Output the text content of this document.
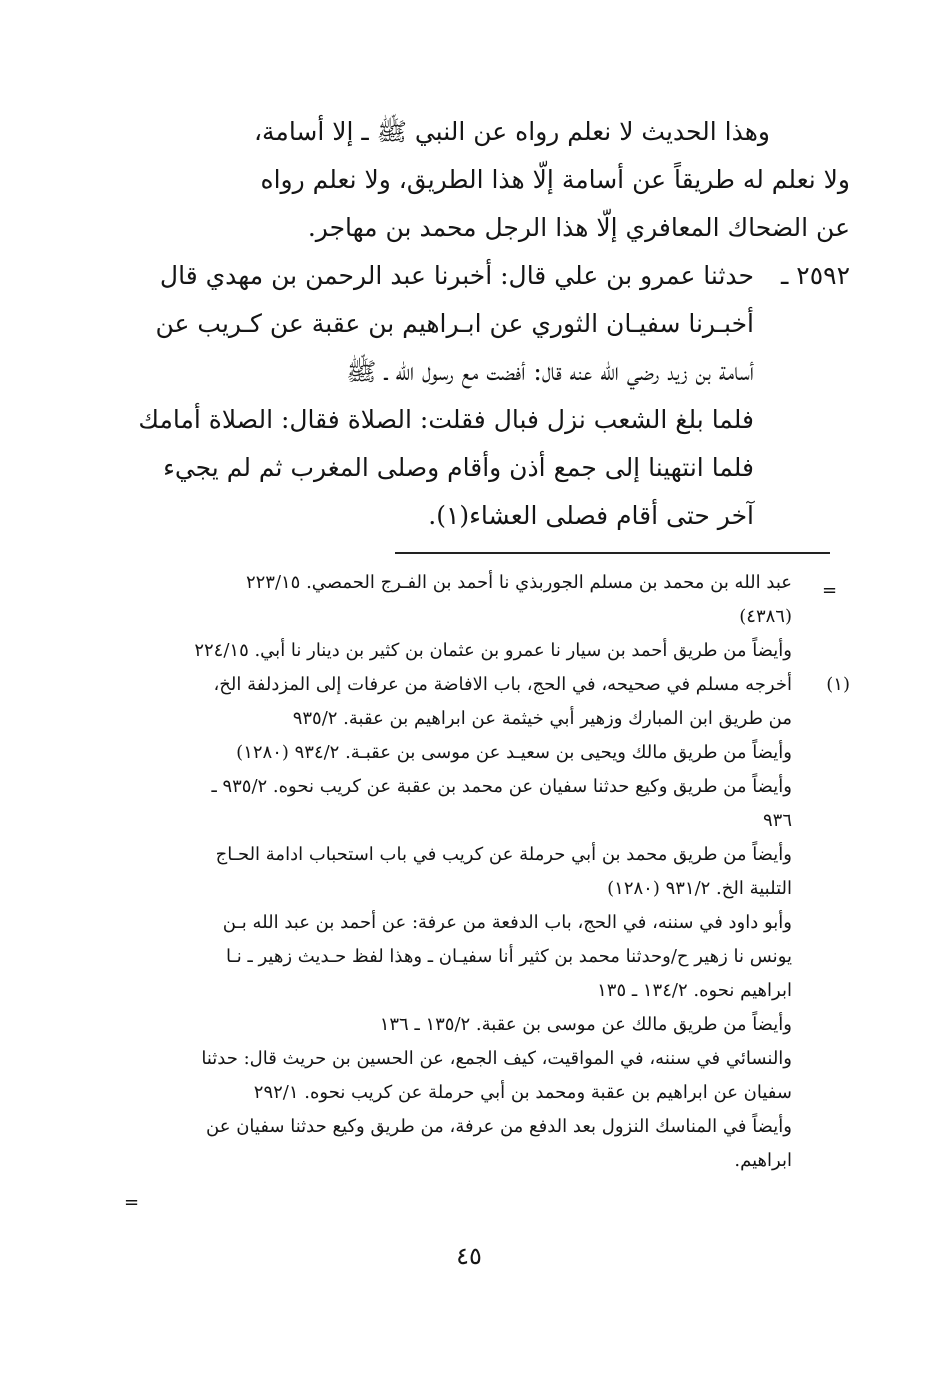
وهذا الحديث لا نعلم رواه عن النبي ﷺ ـ إلا أسامة،
ولا نعلم له طريقاً عن أسامة إلّا هذا الطريق، ولا نعلم رواه
عن الضحاك المعافري إلّا هذا الرجل محمد بن مهاجر.
٢٥٩٢ ـ
حدثنا عمرو بن علي قال: أخبرنا عبد الرحمن بن مهدي قال
أخبـرنا سفيـان الثوري عن ابـراهيم بن عقبة عن كـريب عن
أسامة بن زيد رضي الله عنه قال: أفضت مع رسول الله ـ ﷺ
فلما بلغ الشعب نزل فبال فقلت: الصلاة فقال: الصلاة أمامك
فلما انتهينا إلى جمع أذن وأقام وصلى المغرب ثم لم يجيء
آخر حتى أقام فصلى العشاء(١).
=
عبد الله بن محمد بن مسلم الجوربذي نا أحمد بن الفـرج الحمصي. ٢٢٣/١٥
(٤٣٨٦)
وأيضاً من طريق أحمد بن سيار نا عمرو بن عثمان بن كثير بن دينار نا أبي. ٢٢٤/١٥
(١)
أخرجه مسلم في صحيحه، في الحج، باب الافاضة من عرفات إلى المزدلفة الخ،
من طريق ابن المبارك وزهير أبي خيثمة عن ابراهيم بن عقبة. ٩٣٥/٢
وأيضاً من طريق مالك ويحيى بن سعيـد عن موسى بن عقبـة. ٩٣٤/٢ (١٢٨٠)
وأيضاً من طريق وكيع حدثنا سفيان عن محمد بن عقبة عن كريب نحوه. ٩٣٥/٢ ـ
٩٣٦
وأيضاً من طريق محمد بن أبي حرملة عن كريب في باب استحباب ادامة الحـاج
التلبية الخ. ٩٣١/٢ (١٢٨٠)
وأبو داود في سننه، في الحج، باب الدفعة من عرفة: عن أحمد بن عبد الله بـن
يونس نا زهير ح/وحدثنا محمد بن كثير أنا سفيـان ـ وهذا لفظ حـديث زهير ـ نـا
ابراهيم نحوه. ١٣٤/٢ ـ ١٣٥
وأيضاً من طريق مالك عن موسى بن عقبة. ١٣٥/٢ ـ ١٣٦
والنسائي في سننه، في المواقيت، كيف الجمع، عن الحسين بن حريث قال: حدثنا
سفيان عن ابراهيم بن عقبة ومحمد بن أبي حرملة عن كريب نحوه. ٢٩٢/١
وأيضاً في المناسك النزول بعد الدفع من عرفة، من طريق وكيع حدثنا سفيان عن
ابراهيم.
=
٤٥
